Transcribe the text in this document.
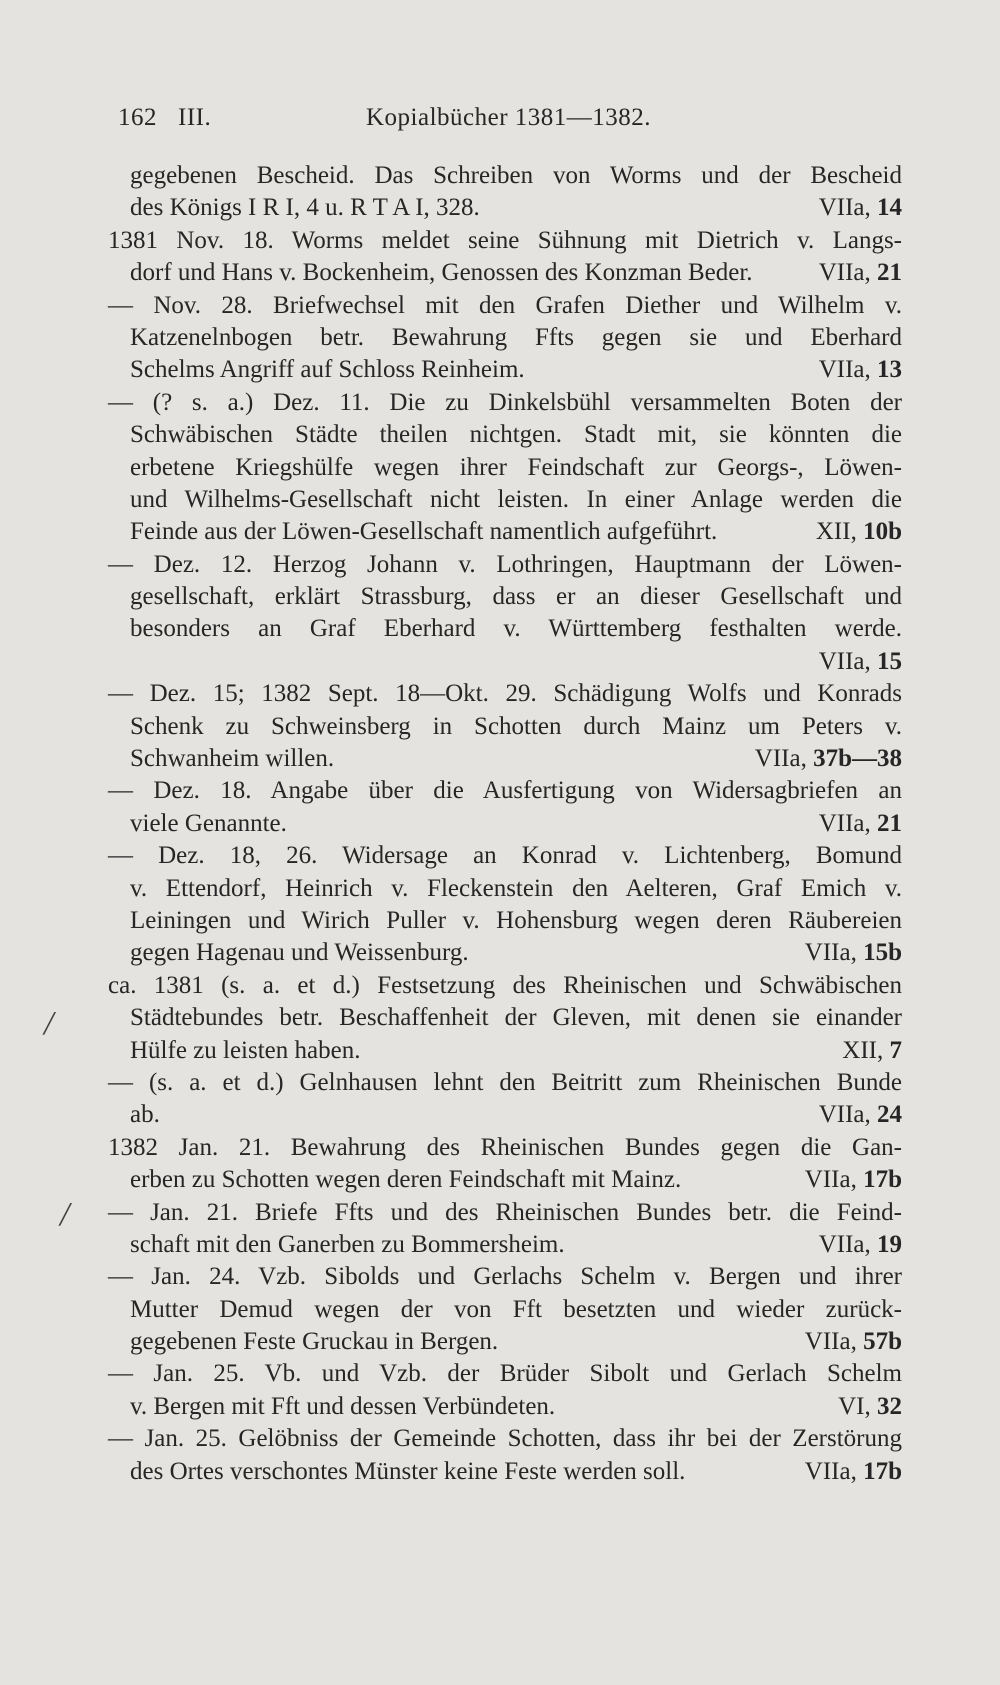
162 III.	Kopialbücher 1381—1382.
gegebenen Bescheid. Das Schreiben von Worms und der Bescheid
des Königs I R I, 4 u. R T A I, 328.	VIIa, 14
1381 Nov. 18. Worms meldet seine Sühnung mit Dietrich v. Langs-
dorf und Hans v. Bockenheim, Genossen des Konzman Beder.	VIIa, 21
— Nov. 28. Briefwechsel mit den Grafen Diether und Wilhelm v.
Katzenelnbogen betr. Bewahrung Ffts gegen sie und Eberhard
Schelms Angriff auf Schloss Reinheim.	VIIa, 13
— (? s. a.) Dez. 11. Die zu Dinkelsbühl versammelten Boten der
Schwäbischen Städte theilen nichtgen. Stadt mit, sie könnten die
erbetene Kriegshülfe wegen ihrer Feindschaft zur Georgs-, Löwen-
und Wilhelms-Gesellschaft nicht leisten. In einer Anlage werden die
Feinde aus der Löwen-Gesellschaft namentlich aufgeführt.	XII, 10b
— Dez. 12. Herzog Johann v. Lothringen, Hauptmann der Löwen-
gesellschaft, erklärt Strassburg, dass er an dieser Gesellschaft und
besonders an Graf Eberhard v. Württemberg festhalten werde.
VIIa, 15
— Dez. 15; 1382 Sept. 18—Okt. 29. Schädigung Wolfs und Konrads
Schenk zu Schweinsberg in Schotten durch Mainz um Peters v.
Schwanheim willen.	VIIa, 37b—38
— Dez. 18. Angabe über die Ausfertigung von Widersagbriefen an
viele Genannte.	VIIa, 21
— Dez. 18, 26. Widersage an Konrad v. Lichtenberg, Bomund
v. Ettendorf, Heinrich v. Fleckenstein den Aelteren, Graf Emich v.
Leiningen und Wirich Puller v. Hohensburg wegen deren Räubereien
gegen Hagenau und Weissenburg.	VIIa, 15b
ca. 1381 (s. a. et d.) Festsetzung des Rheinischen und Schwäbischen
Städtebundes betr. Beschaffenheit der Gleven, mit denen sie einander
Hülfe zu leisten haben.	XII, 7
— (s. a. et d.) Gelnhausen lehnt den Beitritt zum Rheinischen Bunde
ab.	VIIa, 24
1382 Jan. 21. Bewahrung des Rheinischen Bundes gegen die Gan-
erben zu Schotten wegen deren Feindschaft mit Mainz.	VIIa, 17b
— Jan. 21. Briefe Ffts und des Rheinischen Bundes betr. die Feind-
schaft mit den Ganerben zu Bommersheim.	VIIa, 19
— Jan. 24. Vzb. Sibolds und Gerlachs Schelm v. Bergen und ihrer
Mutter Demud wegen der von Fft besetzten und wieder zurück-
gegebenen Feste Gruckau in Bergen.	VIIa, 57b
— Jan. 25. Vb. und Vzb. der Brüder Sibolt und Gerlach Schelm
v. Bergen mit Fft und dessen Verbündeten.	VI, 32
— Jan. 25. Gelöbniss der Gemeinde Schotten, dass ihr bei der Zerstörung
des Ortes verschontes Münster keine Feste werden soll.	VIIa, 17b
/
/
